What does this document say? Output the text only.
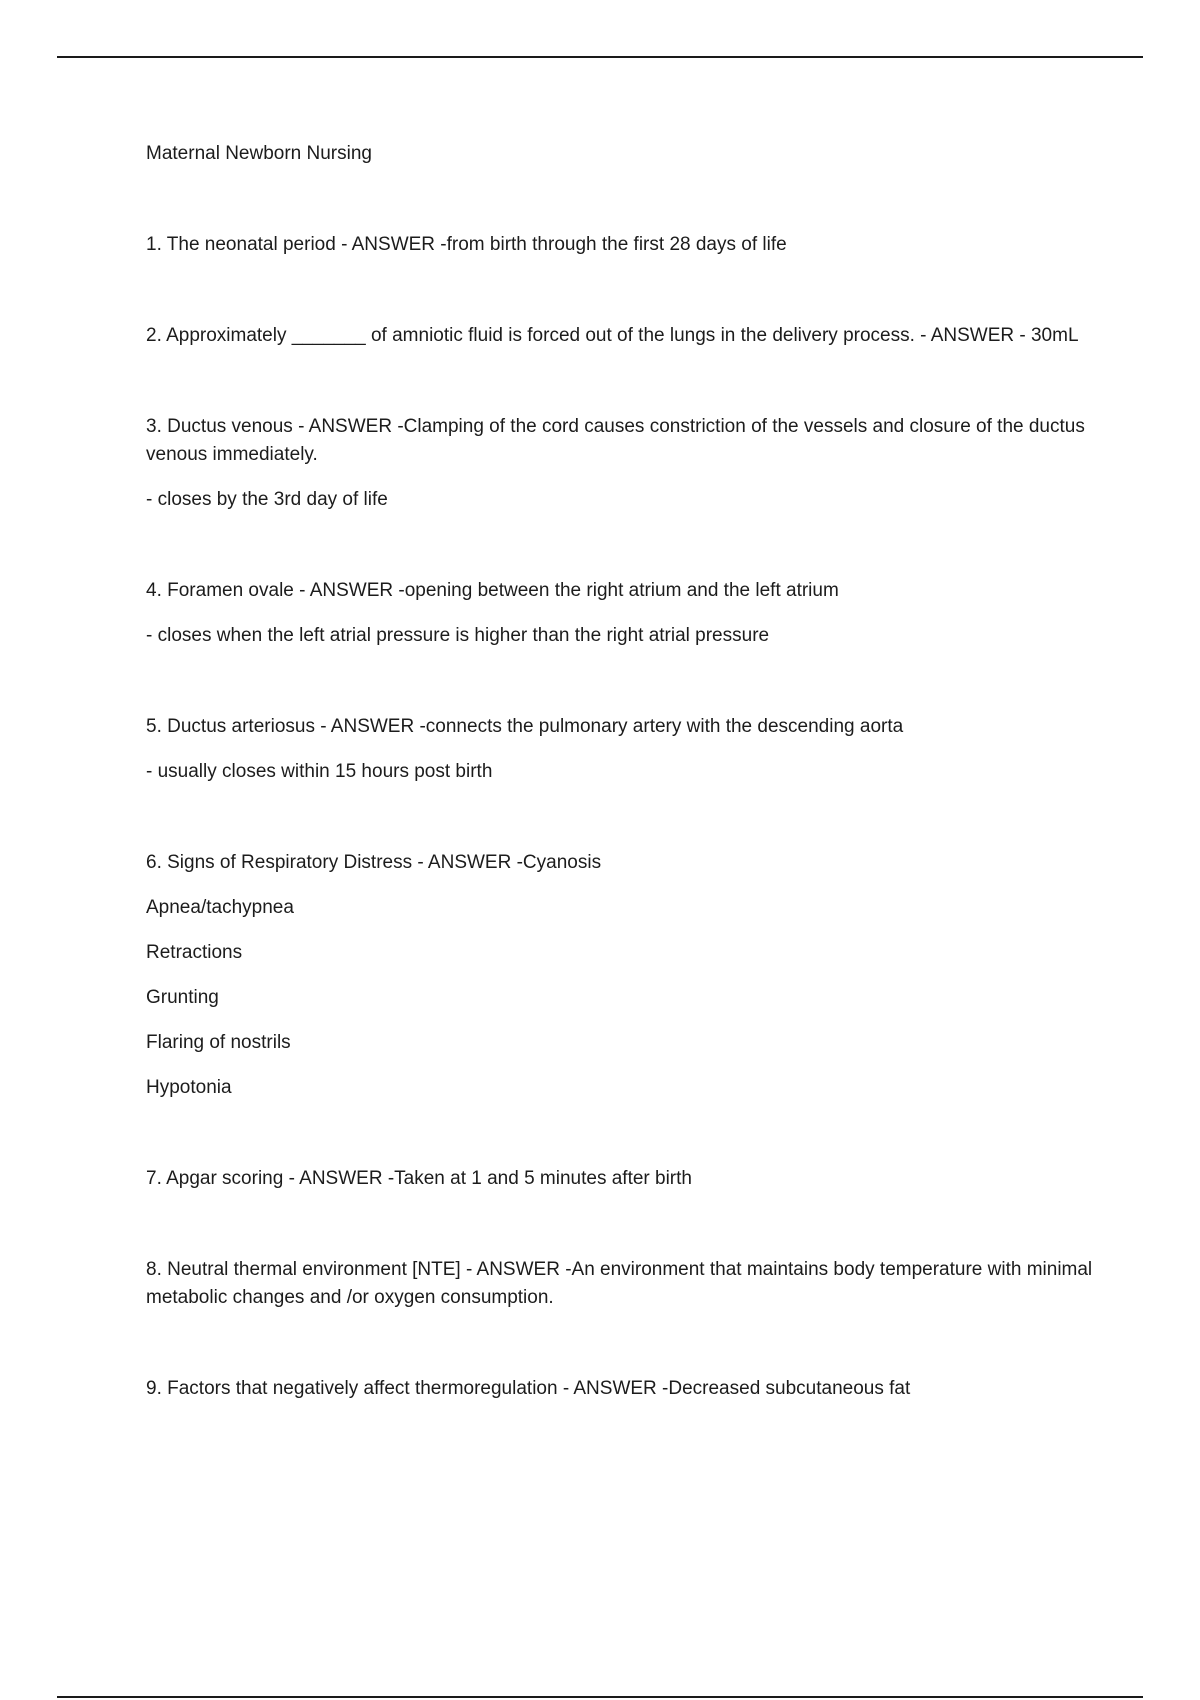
Maternal Newborn Nursing

1. The neonatal period - ANSWER -from birth through the first 28 days of life

2. Approximately _______ of amniotic fluid is forced out of the lungs in the delivery process. - ANSWER - 30mL

3. Ductus venous - ANSWER -Clamping of the cord causes constriction of the vessels and closure of the ductus venous immediately.

- closes by the 3rd day of life

4. Foramen ovale - ANSWER -opening between the right atrium and the left atrium

- closes when the left atrial pressure is higher than the right atrial pressure

5. Ductus arteriosus - ANSWER -connects the pulmonary artery with the descending aorta

- usually closes within 15 hours post birth

6. Signs of Respiratory Distress - ANSWER -Cyanosis

Apnea/tachypnea

Retractions

Grunting

Flaring of nostrils

Hypotonia

7. Apgar scoring - ANSWER -Taken at 1 and 5 minutes after birth

8. Neutral thermal environment [NTE] - ANSWER -An environment that maintains body temperature with minimal metabolic changes and /or oxygen consumption.

9. Factors that negatively affect thermoregulation - ANSWER -Decreased subcutaneous fat
